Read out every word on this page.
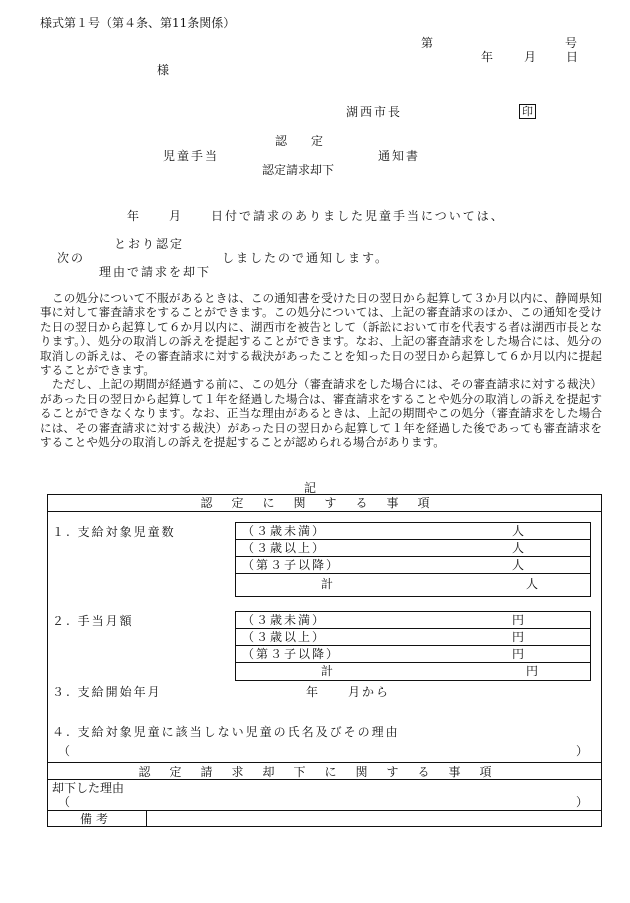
様式第１号（第４条、第11条関係）
第	号
年	月 日
様
湖西市長	印
認　　定
児童手当	通知書
認定請求却下
年　　月　　日付で請求のありました児童手当については、
とおり認定
次の	しましたので通知します。
理由で請求を却下

この処分について不服があるときは、この通知書を受けた日の翌日から起算して３か月以内に、静岡県知事に対して審査請求をすることができます。この処分については、上記の審査請求のほか、この通知を受けた日の翌日から起算して６か月以内に、湖西市を被告として（訴訟において市を代表する者は湖西市長となります。）、処分の取消しの訴えを提起することができます。なお、上記の審査請求をした場合には、処分の取消しの訴えは、その審査請求に対する裁決があったことを知った日の翌日から起算して６か月以内に提起することができます。

ただし、上記の期間が経過する前に、この処分（審査請求をした場合には、その審査請求に対する裁決）があった日の翌日から起算して１年を経過した場合は、審査請求をすることや処分の取消しの訴えを提起することができなくなります。なお、正当な理由があるときは、上記の期間やこの処分（審査請求をした場合には、その審査請求に対する裁決）があった日の翌日から起算して１年を経過した後であっても審査請求をすることや処分の取消しの訴えを提起することが認められる場合があります。

記
認定に関する事項
１. 支給対象児童数	（３歳未満）	人
（３歳以上）	人
（第３子以降）	人
計	人
２. 手当月額	（３歳未満）	円
（３歳以上）	円
（第３子以降）	円
計	円
３. 支給開始年月	年　　月から
４. 支給対象児童に該当しない児童の氏名及びその理由
（	）
認定請求却下に関する事項
却下した理由
（	）
備考
